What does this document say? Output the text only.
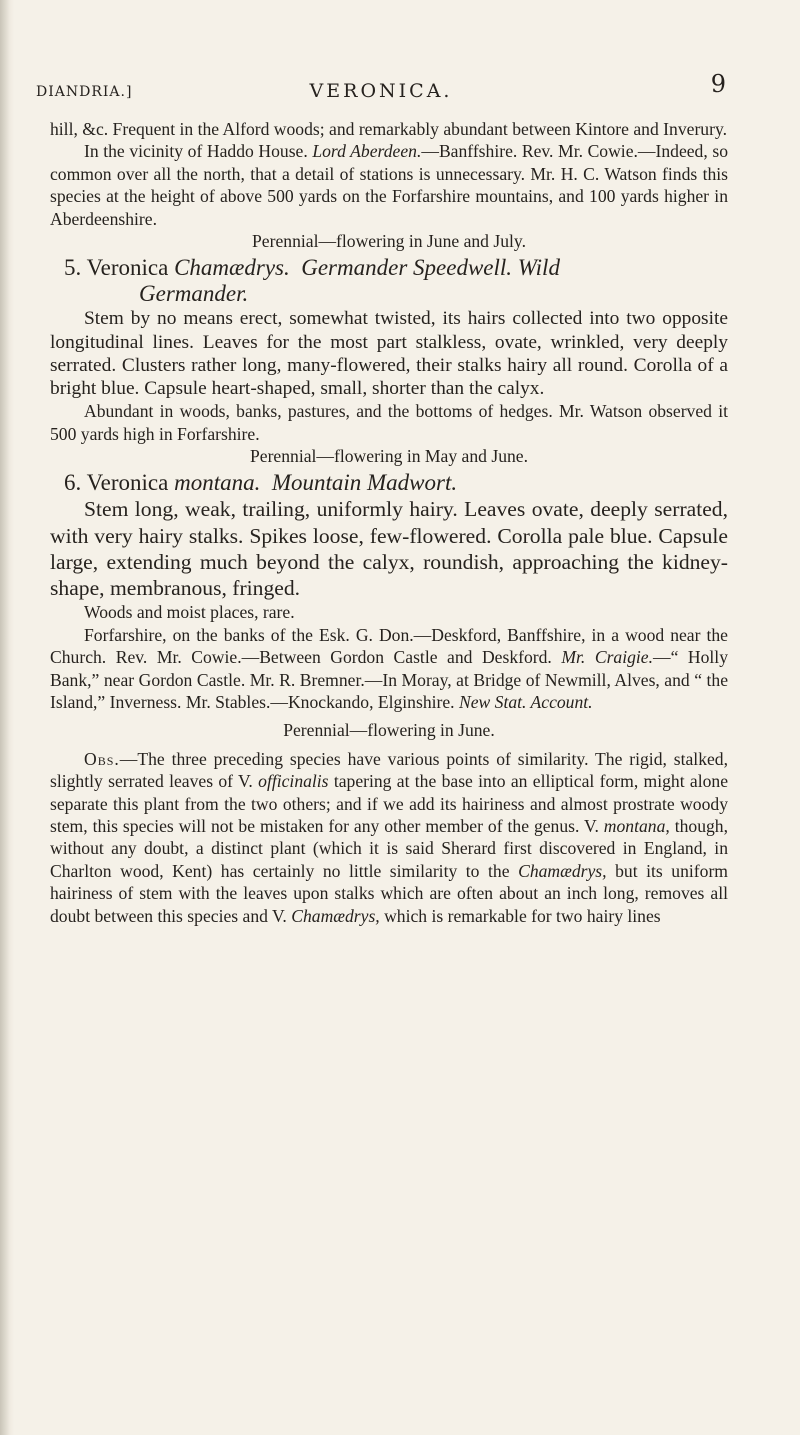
DIANDRIA.]	VERONICA.	9

hill, &c. Frequent in the Alford woods; and remarkably abundant between Kintore and Inverury.

In the vicinity of Haddo House. Lord Aberdeen.—Banffshire. Rev. Mr. Cowie.—Indeed, so common over all the north, that a detail of stations is unnecessary. Mr. H. C. Watson finds this species at the height of above 500 yards on the Forfarshire mountains, and 100 yards higher in Aberdeenshire.

Perennial—flowering in June and July.

5. Veronica Chamædrys. Germander Speedwell. Wild
Germander.

Stem by no means erect, somewhat twisted, its hairs collected into two opposite longitudinal lines. Leaves for the most part stalkless, ovate, wrinkled, very deeply serrated. Clusters rather long, many-flowered, their stalks hairy all round. Corolla of a bright blue. Capsule heart-shaped, small, shorter than the calyx.

Abundant in woods, banks, pastures, and the bottoms of hedges. Mr. Watson observed it 500 yards high in Forfarshire.

Perennial—flowering in May and June.

6. Veronica montana. Mountain Madwort.

Stem long, weak, trailing, uniformly hairy. Leaves ovate, deeply serrated, with very hairy stalks. Spikes loose, few-flowered. Corolla pale blue. Capsule large, extending much beyond the calyx, roundish, approaching the kidney-shape, membranous, fringed.

Woods and moist places, rare.

Forfarshire, on the banks of the Esk. G. Don.—Deskford, Banffshire, in a wood near the Church. Rev. Mr. Cowie.—Between Gordon Castle and Deskford. Mr. Craigie.—“ Holly Bank,” near Gordon Castle. Mr. R. Bremner.—In Moray, at Bridge of Newmill, Alves, and “ the Island,” Inverness. Mr. Stables.—Knockando, Elginshire. New Stat. Account.

Perennial—flowering in June.

Obs.—The three preceding species have various points of similarity. The rigid, stalked, slightly serrated leaves of V. officinalis tapering at the base into an elliptical form, might alone separate this plant from the two others; and if we add its hairiness and almost prostrate woody stem, this species will not be mistaken for any other member of the genus. V. montana, though, without any doubt, a distinct plant (which it is said Sherard first discovered in England, in Charlton wood, Kent) has certainly no little similarity to the Chamædrys, but its uniform hairiness of stem with the leaves upon stalks which are often about an inch long, removes all doubt between this species and V. Chamædrys, which is remarkable for two hairy lines
